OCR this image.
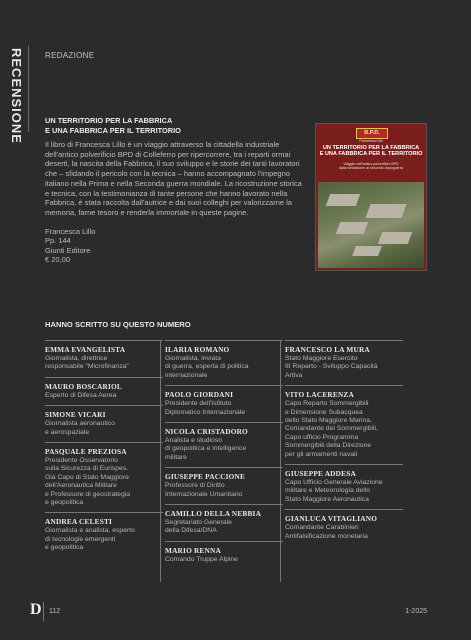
RECENSIONE	REDAZIONE
UN TERRITORIO PER LA FABBRICA
E UNA FABBRICA PER IL TERRITORIO

Il libro di Francesca Lillo è un viaggio attraverso la cittadella industriale dell'antico polverificio BPD di Colleferro per ripercorrere, tra i reparti ormai deserti, la nascita della Fabbrica, il suo sviluppo e le storie dei tanti lavoratori che – sfidando il pericolo con la tecnica – hanno accompagnato l'impegno italiano nella Prima e nella Seconda guerra mondiale. La ricostruzione storica e tecnica, con la testimonianza di tante persone che hanno lavorato nella Fabbrica, è stata raccolta dall'autrice e dai suoi colleghi per valorizzarne la memoria, farne tesoro e renderla immortale in queste pagine.

Francesca Lillo
Pp. 144
Giunti Editore
€ 20,00
B.P.D.
Francesca Lillo
UN TERRITORIO PER LA FABBRICA
E UNA FABBRICA PER IL TERRITORIO
Viaggio nell'antico polverificio BPD
dalla fondazione al secondo dopoguerra
HANNO SCRITTO SU QUESTO NUMERO
EMMA EVANGELISTA
Giornalista, direttrice
responsabile "Microfinanza"
MAURO BOSCARIOL
Esperto di Difesa Aerea
SIMONE VICARI
Giornalista aeronautico
e aerospaziale
PASQUALE PREZIOSA
Presidente Osservatorio
sulla Sicurezza di Eurispes.
Già Capo di Stato Maggiore
dell'Aeronautica Militare
e Professore di geostrategia
e geopolitica
ANDREA CELESTI
Giornalista e analista, esperto
di tecnologie emergenti
e geopolitica
ILARIA ROMANO
Giornalista, inviata
di guerra, esperta di politica
internazionale
PAOLO GIORDANI
Presidente dell'Istituto
Diplomatico Internazionale
NICOLA CRISTADORO
Analista e studioso
di geopolitica e intelligence
militare
GIUSEPPE PACCIONE
Professore di Diritto
Internazionale Umanitario
CAMILLO DELLA NEBBIA
Segretariato Generale
della Difesa/DNA
MARIO RENNA
Comando Truppe Alpine
FRANCESCO LA MURA
Stato Maggiore Esercito
III Reparto - Sviluppo Capacità
Artiva
VITO LACERENZA
Capo Reparto Sommergibili
e Dimensione Subacquea
dello Stato Maggiore Marina,
Comandante dei Sommergibili,
Capo ufficio Programma
Sommergibili della Direzione
per gli armamenti navali
GIUSEPPE ADDESA
Capo Ufficio Generale Aviazione
militare e Meteorologia dello
Stato Maggiore Aeronautica
GIANLUCA VITAGLIANO
Comandante Carabinieri
Antifalsificazione monetaria
D 112	1-2025
